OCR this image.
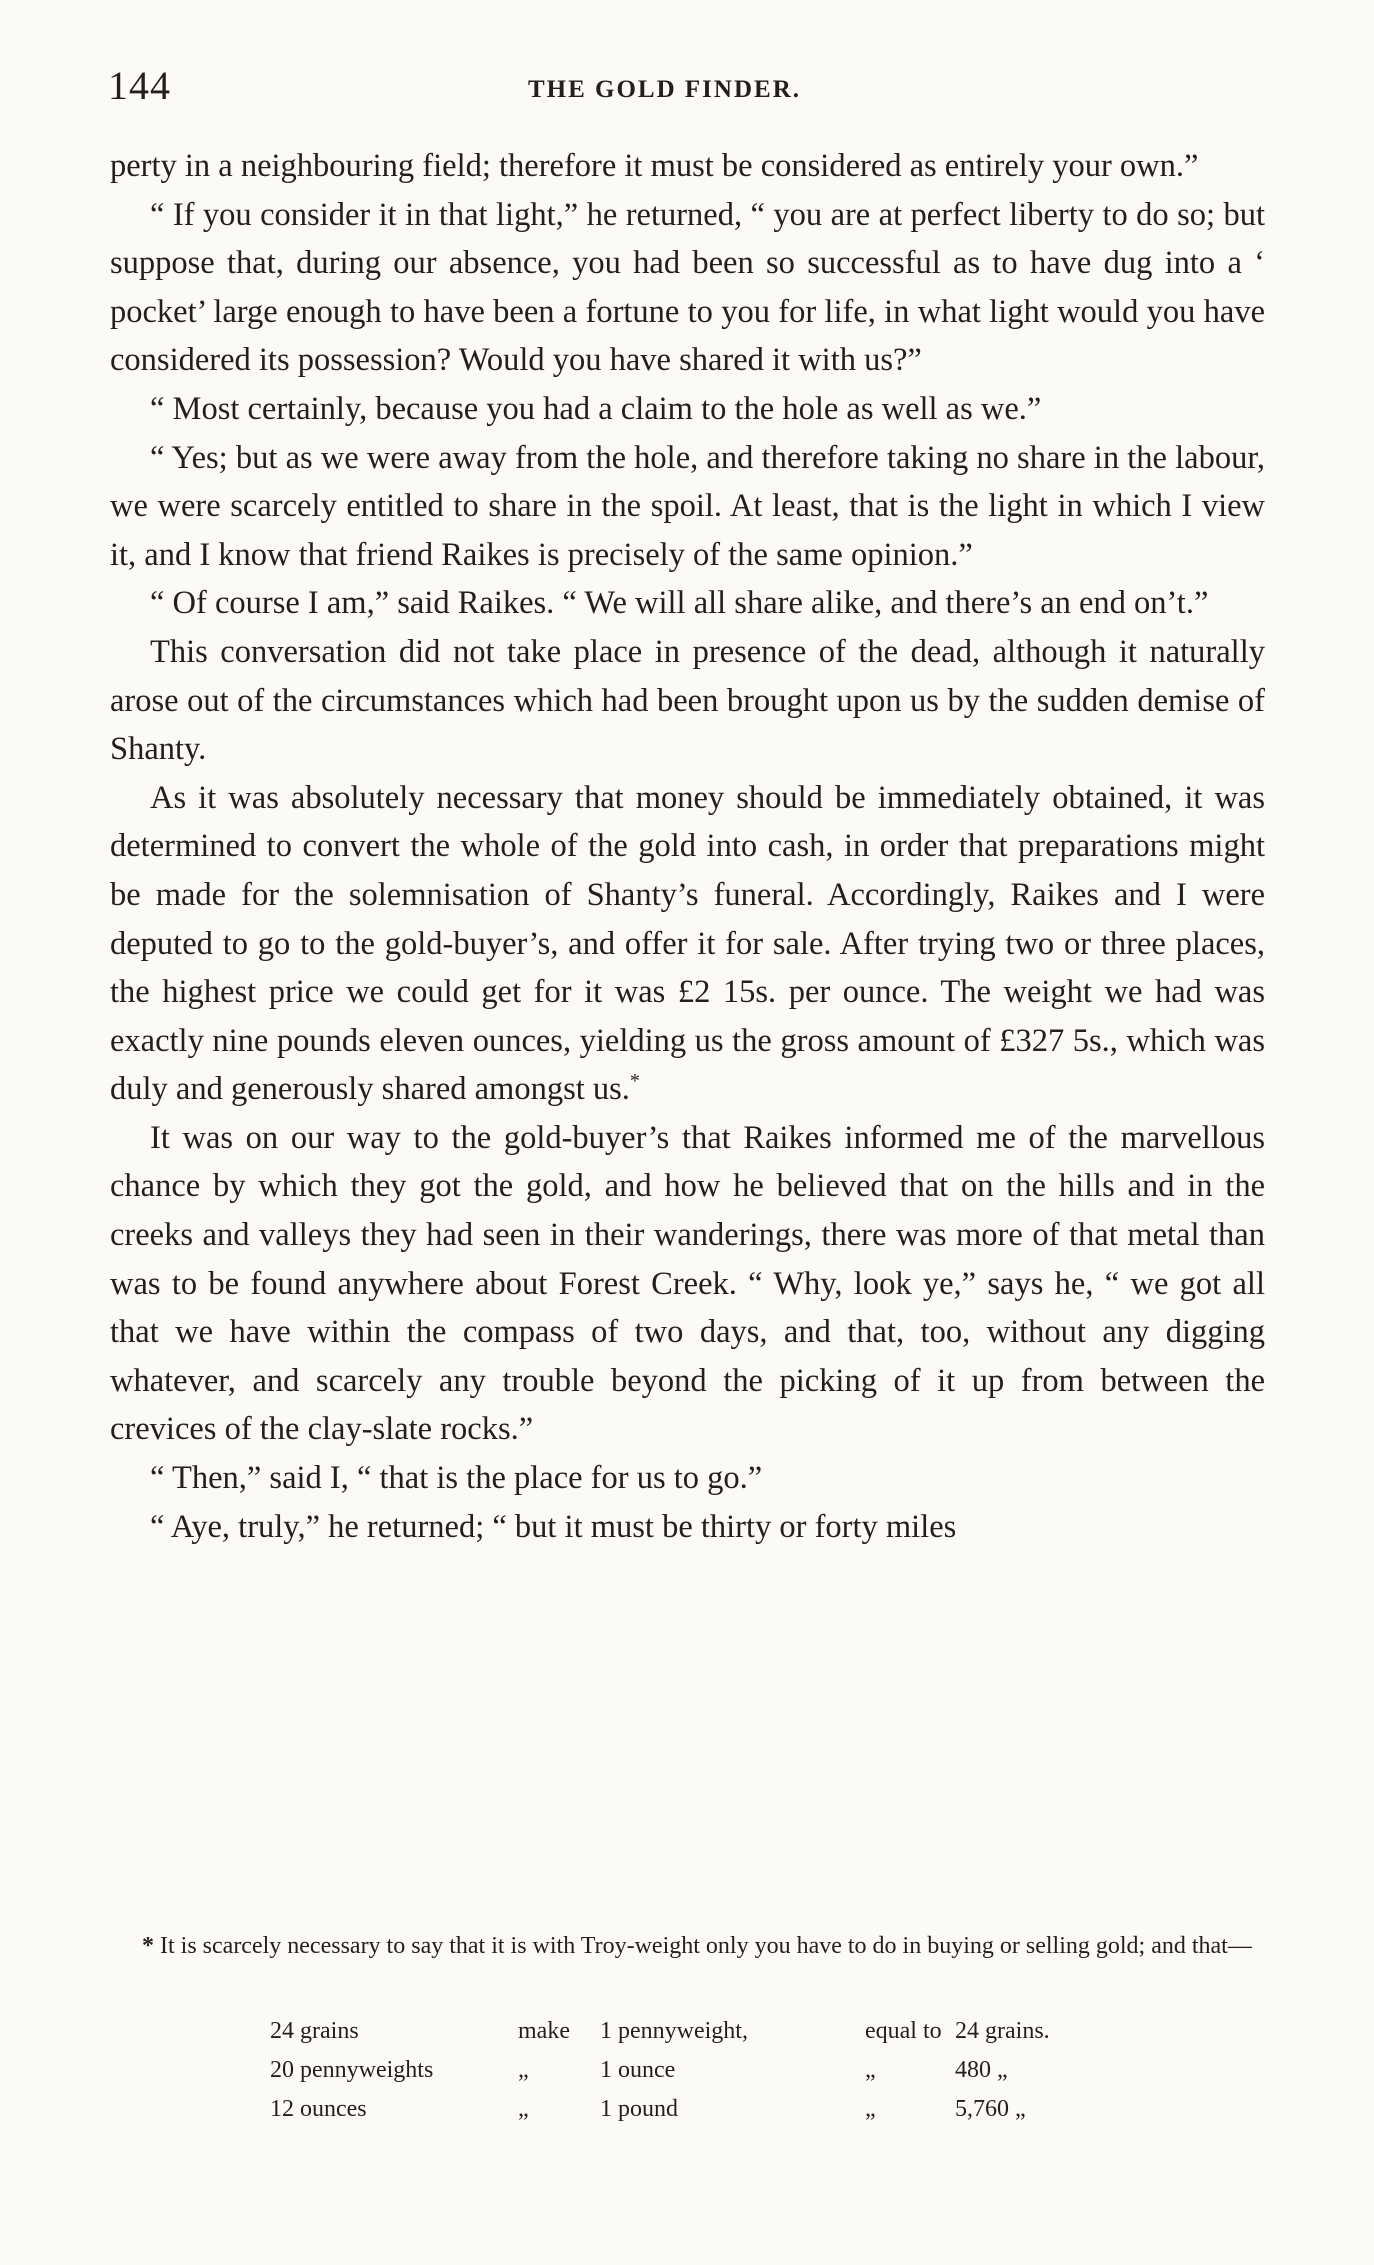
144	THE GOLD FINDER.

perty in a neighbouring field; therefore it must be considered as entirely your own.”

“ If you consider it in that light,” he returned, “ you are at perfect liberty to do so; but suppose that, during our absence, you had been so successful as to have dug into a ‘ pocket’ large enough to have been a fortune to you for life, in what light would you have considered its possession? Would you have shared it with us?”

“ Most certainly, because you had a claim to the hole as well as we.”

“ Yes; but as we were away from the hole, and therefore taking no share in the labour, we were scarcely entitled to share in the spoil. At least, that is the light in which I view it, and I know that friend Raikes is precisely of the same opinion.”

“ Of course I am,” said Raikes. “ We will all share alike, and there’s an end on’t.”

This conversation did not take place in presence of the dead, although it naturally arose out of the circumstances which had been brought upon us by the sudden demise of Shanty.

As it was absolutely necessary that money should be immediately obtained, it was determined to convert the whole of the gold into cash, in order that preparations might be made for the solemnisation of Shanty’s funeral. Accordingly, Raikes and I were deputed to go to the gold-buyer’s, and offer it for sale. After trying two or three places, the highest price we could get for it was £2 15s. per ounce. The weight we had was exactly nine pounds eleven ounces, yielding us the gross amount of £327 5s., which was duly and generously shared amongst us.*

It was on our way to the gold-buyer’s that Raikes informed me of the marvellous chance by which they got the gold, and how he believed that on the hills and in the creeks and valleys they had seen in their wanderings, there was more of that metal than was to be found anywhere about Forest Creek. “ Why, look ye,” says he, “ we got all that we have within the compass of two days, and that, too, without any digging whatever, and scarcely any trouble beyond the picking of it up from between the crevices of the clay-slate rocks.”

“ Then,” said I, “ that is the place for us to go.”

“ Aye, truly,” he returned; “ but it must be thirty or forty miles

* It is scarcely necessary to say that it is with Troy-weight only you have to do in buying or selling gold; and that—

24 grains	make 1 pennyweight,	equal to 24 grains.
20 pennyweights	„	1 ounce	„	480 „
12 ounces	„	1 pound	„	5,760 „
